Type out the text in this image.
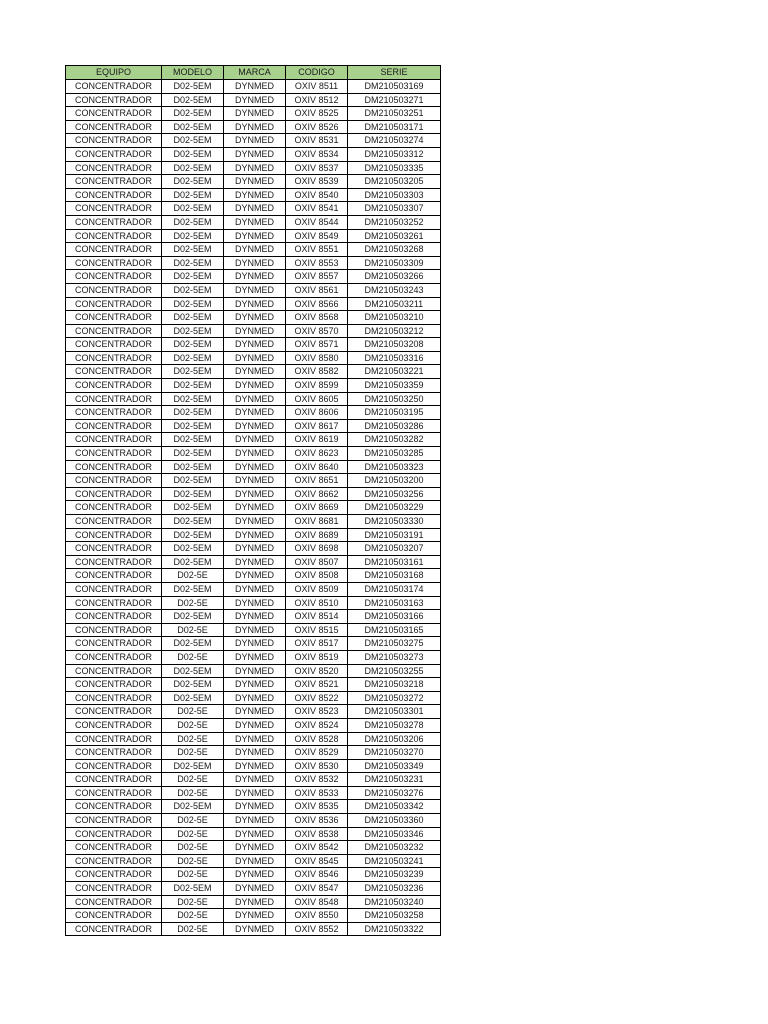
EQUIPO	MODELO	MARCA	CODIGO	SERIE
CONCENTRADOR	D02-5EM	DYNMED	OXIV 8511	DM210503169
CONCENTRADOR	D02-5EM	DYNMED	OXIV 8512	DM210503271
CONCENTRADOR	D02-5EM	DYNMED	OXIV 8525	DM210503251
CONCENTRADOR	D02-5EM	DYNMED	OXIV 8526	DM210503171
CONCENTRADOR	D02-5EM	DYNMED	OXIV 8531	DM210503274
CONCENTRADOR	D02-5EM	DYNMED	OXIV 8534	DM210503312
CONCENTRADOR	D02-5EM	DYNMED	OXIV 8537	DM210503335
CONCENTRADOR	D02-5EM	DYNMED	OXIV 8539	DM210503205
CONCENTRADOR	D02-5EM	DYNMED	OXIV 8540	DM210503303
CONCENTRADOR	D02-5EM	DYNMED	OXIV 8541	DM210503307
CONCENTRADOR	D02-5EM	DYNMED	OXIV 8544	DM210503252
CONCENTRADOR	D02-5EM	DYNMED	OXIV 8549	DM210503261
CONCENTRADOR	D02-5EM	DYNMED	OXIV 8551	DM210503268
CONCENTRADOR	D02-5EM	DYNMED	OXIV 8553	DM210503309
CONCENTRADOR	D02-5EM	DYNMED	OXIV 8557	DM210503266
CONCENTRADOR	D02-5EM	DYNMED	OXIV 8561	DM210503243
CONCENTRADOR	D02-5EM	DYNMED	OXIV 8566	DM210503211
CONCENTRADOR	D02-5EM	DYNMED	OXIV 8568	DM210503210
CONCENTRADOR	D02-5EM	DYNMED	OXIV 8570	DM210503212
CONCENTRADOR	D02-5EM	DYNMED	OXIV 8571	DM210503208
CONCENTRADOR	D02-5EM	DYNMED	OXIV 8580	DM210503316
CONCENTRADOR	D02-5EM	DYNMED	OXIV 8582	DM210503221
CONCENTRADOR	D02-5EM	DYNMED	OXIV 8599	DM210503359
CONCENTRADOR	D02-5EM	DYNMED	OXIV 8605	DM210503250
CONCENTRADOR	D02-5EM	DYNMED	OXIV 8606	DM210503195
CONCENTRADOR	D02-5EM	DYNMED	OXIV 8617	DM210503286
CONCENTRADOR	D02-5EM	DYNMED	OXIV 8619	DM210503282
CONCENTRADOR	D02-5EM	DYNMED	OXIV 8623	DM210503285
CONCENTRADOR	D02-5EM	DYNMED	OXIV 8640	DM210503323
CONCENTRADOR	D02-5EM	DYNMED	OXIV 8651	DM210503200
CONCENTRADOR	D02-5EM	DYNMED	OXIV 8662	DM210503256
CONCENTRADOR	D02-5EM	DYNMED	OXIV 8669	DM210503229
CONCENTRADOR	D02-5EM	DYNMED	OXIV 8681	DM210503330
CONCENTRADOR	D02-5EM	DYNMED	OXIV 8689	DM210503191
CONCENTRADOR	D02-5EM	DYNMED	OXIV 8698	DM210503207
CONCENTRADOR	D02-5EM	DYNMED	OXIV 8507	DM210503161
CONCENTRADOR	D02-5E	DYNMED	OXIV 8508	DM210503168
CONCENTRADOR	D02-5EM	DYNMED	OXIV 8509	DM210503174
CONCENTRADOR	D02-5E	DYNMED	OXIV 8510	DM210503163
CONCENTRADOR	D02-5EM	DYNMED	OXIV 8514	DM210503166
CONCENTRADOR	D02-5E	DYNMED	OXIV 8515	DM210503165
CONCENTRADOR	D02-5EM	DYNMED	OXIV 8517	DM210503275
CONCENTRADOR	D02-5E	DYNMED	OXIV 8519	DM210503273
CONCENTRADOR	D02-5EM	DYNMED	OXIV 8520	DM210503255
CONCENTRADOR	D02-5EM	DYNMED	OXIV 8521	DM210503218
CONCENTRADOR	D02-5EM	DYNMED	OXIV 8522	DM210503272
CONCENTRADOR	D02-5E	DYNMED	OXIV 8523	DM210503301
CONCENTRADOR	D02-5E	DYNMED	OXIV 8524	DM210503278
CONCENTRADOR	D02-5E	DYNMED	OXIV 8528	DM210503206
CONCENTRADOR	D02-5E	DYNMED	OXIV 8529	DM210503270
CONCENTRADOR	D02-5EM	DYNMED	OXIV 8530	DM210503349
CONCENTRADOR	D02-5E	DYNMED	OXIV 8532	DM210503231
CONCENTRADOR	D02-5E	DYNMED	OXIV 8533	DM210503276
CONCENTRADOR	D02-5EM	DYNMED	OXIV 8535	DM210503342
CONCENTRADOR	D02-5E	DYNMED	OXIV 8536	DM210503360
CONCENTRADOR	D02-5E	DYNMED	OXIV 8538	DM210503346
CONCENTRADOR	D02-5E	DYNMED	OXIV 8542	DM210503232
CONCENTRADOR	D02-5E	DYNMED	OXIV 8545	DM210503241
CONCENTRADOR	D02-5E	DYNMED	OXIV 8546	DM210503239
CONCENTRADOR	D02-5EM	DYNMED	OXIV 8547	DM210503236
CONCENTRADOR	D02-5E	DYNMED	OXIV 8548	DM210503240
CONCENTRADOR	D02-5E	DYNMED	OXIV 8550	DM210503258
CONCENTRADOR	D02-5E	DYNMED	OXIV 8552	DM210503322
